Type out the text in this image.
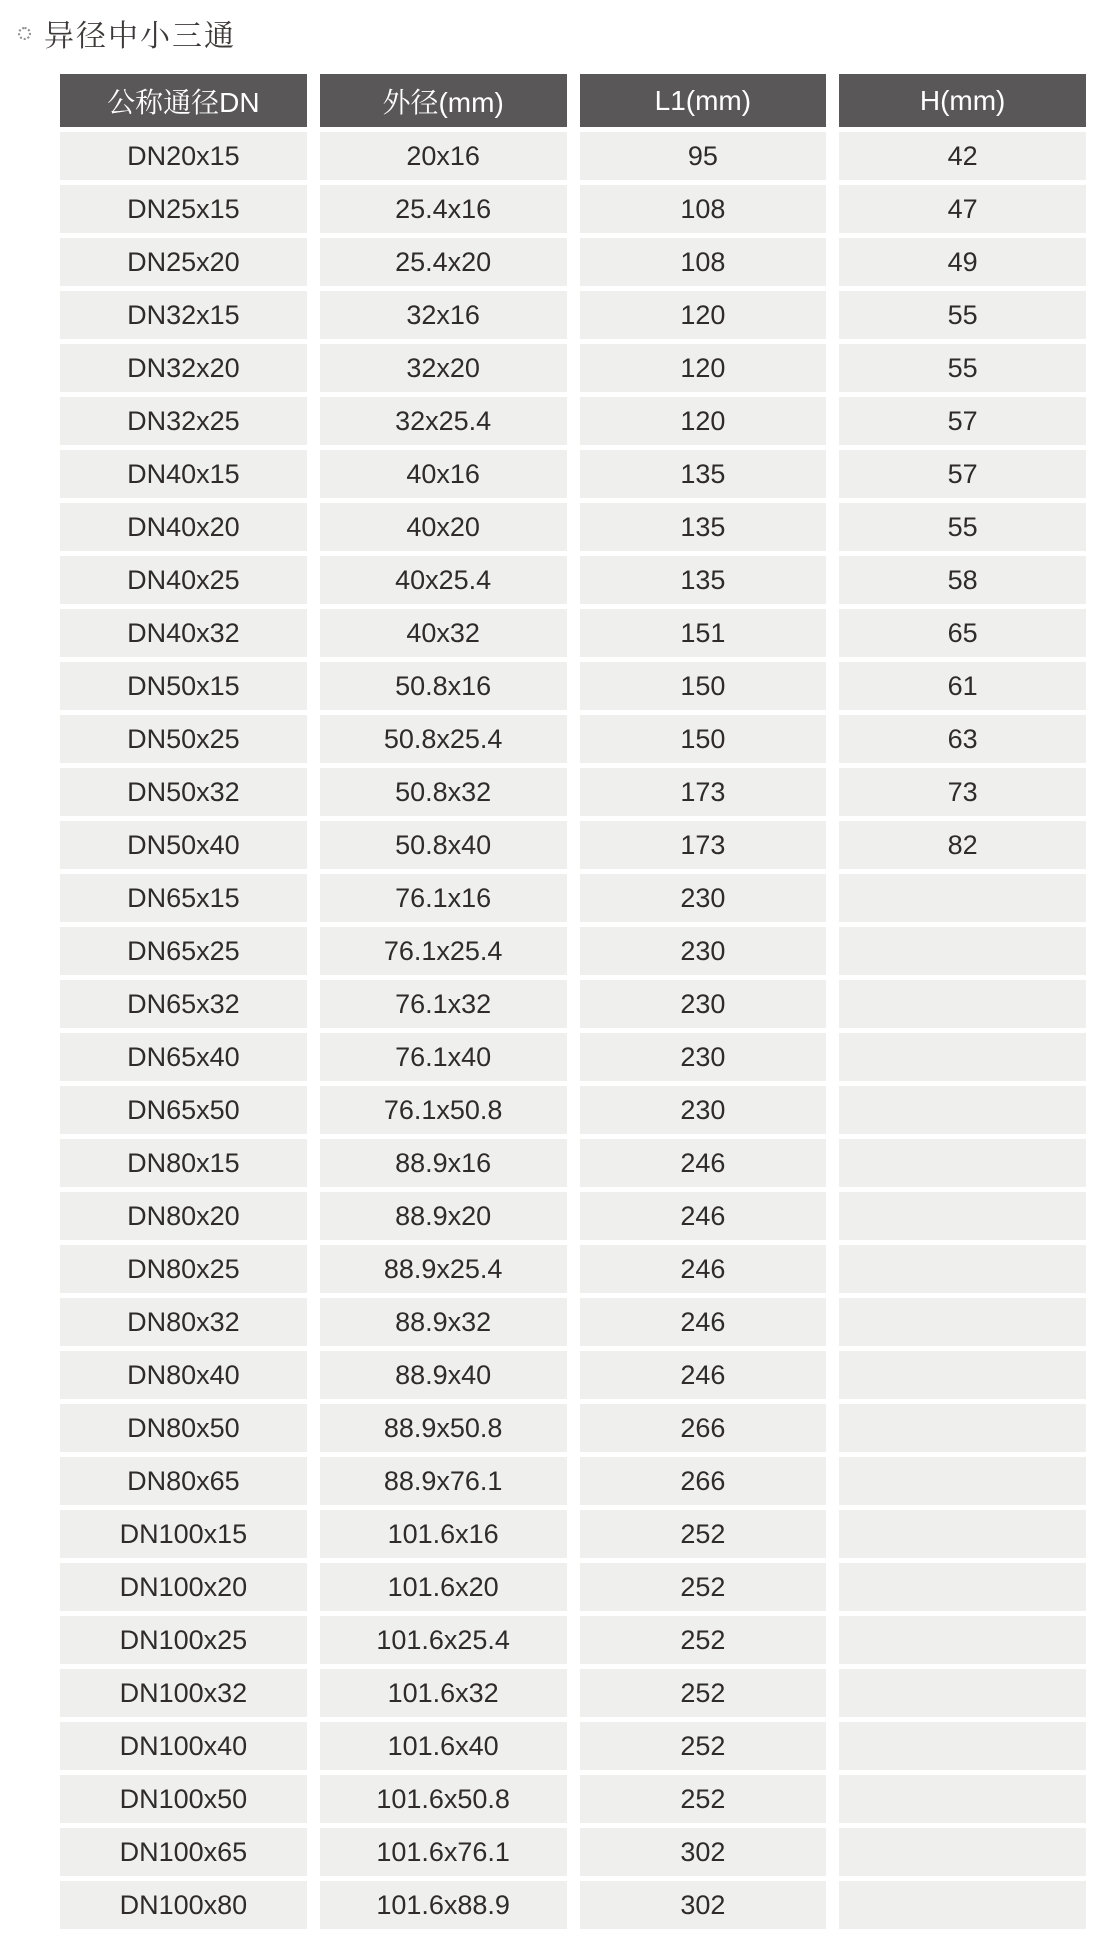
异径中小三通
公称通径DN	外径(mm)	L1(mm)	H(mm)
DN20x15	20x16	95	42
DN25x15	25.4x16	108	47
DN25x20	25.4x20	108	49
DN32x15	32x16	120	55
DN32x20	32x20	120	55
DN32x25	32x25.4	120	57
DN40x15	40x16	135	57
DN40x20	40x20	135	55
DN40x25	40x25.4	135	58
DN40x32	40x32	151	65
DN50x15	50.8x16	150	61
DN50x25	50.8x25.4	150	63
DN50x32	50.8x32	173	73
DN50x40	50.8x40	173	82
DN65x15	76.1x16	230
DN65x25	76.1x25.4	230
DN65x32	76.1x32	230
DN65x40	76.1x40	230
DN65x50	76.1x50.8	230
DN80x15	88.9x16	246
DN80x20	88.9x20	246
DN80x25	88.9x25.4	246
DN80x32	88.9x32	246
DN80x40	88.9x40	246
DN80x50	88.9x50.8	266
DN80x65	88.9x76.1	266
DN100x15	101.6x16	252
DN100x20	101.6x20	252
DN100x25	101.6x25.4	252
DN100x32	101.6x32	252
DN100x40	101.6x40	252
DN100x50	101.6x50.8	252
DN100x65	101.6x76.1	302
DN100x80	101.6x88.9	302
